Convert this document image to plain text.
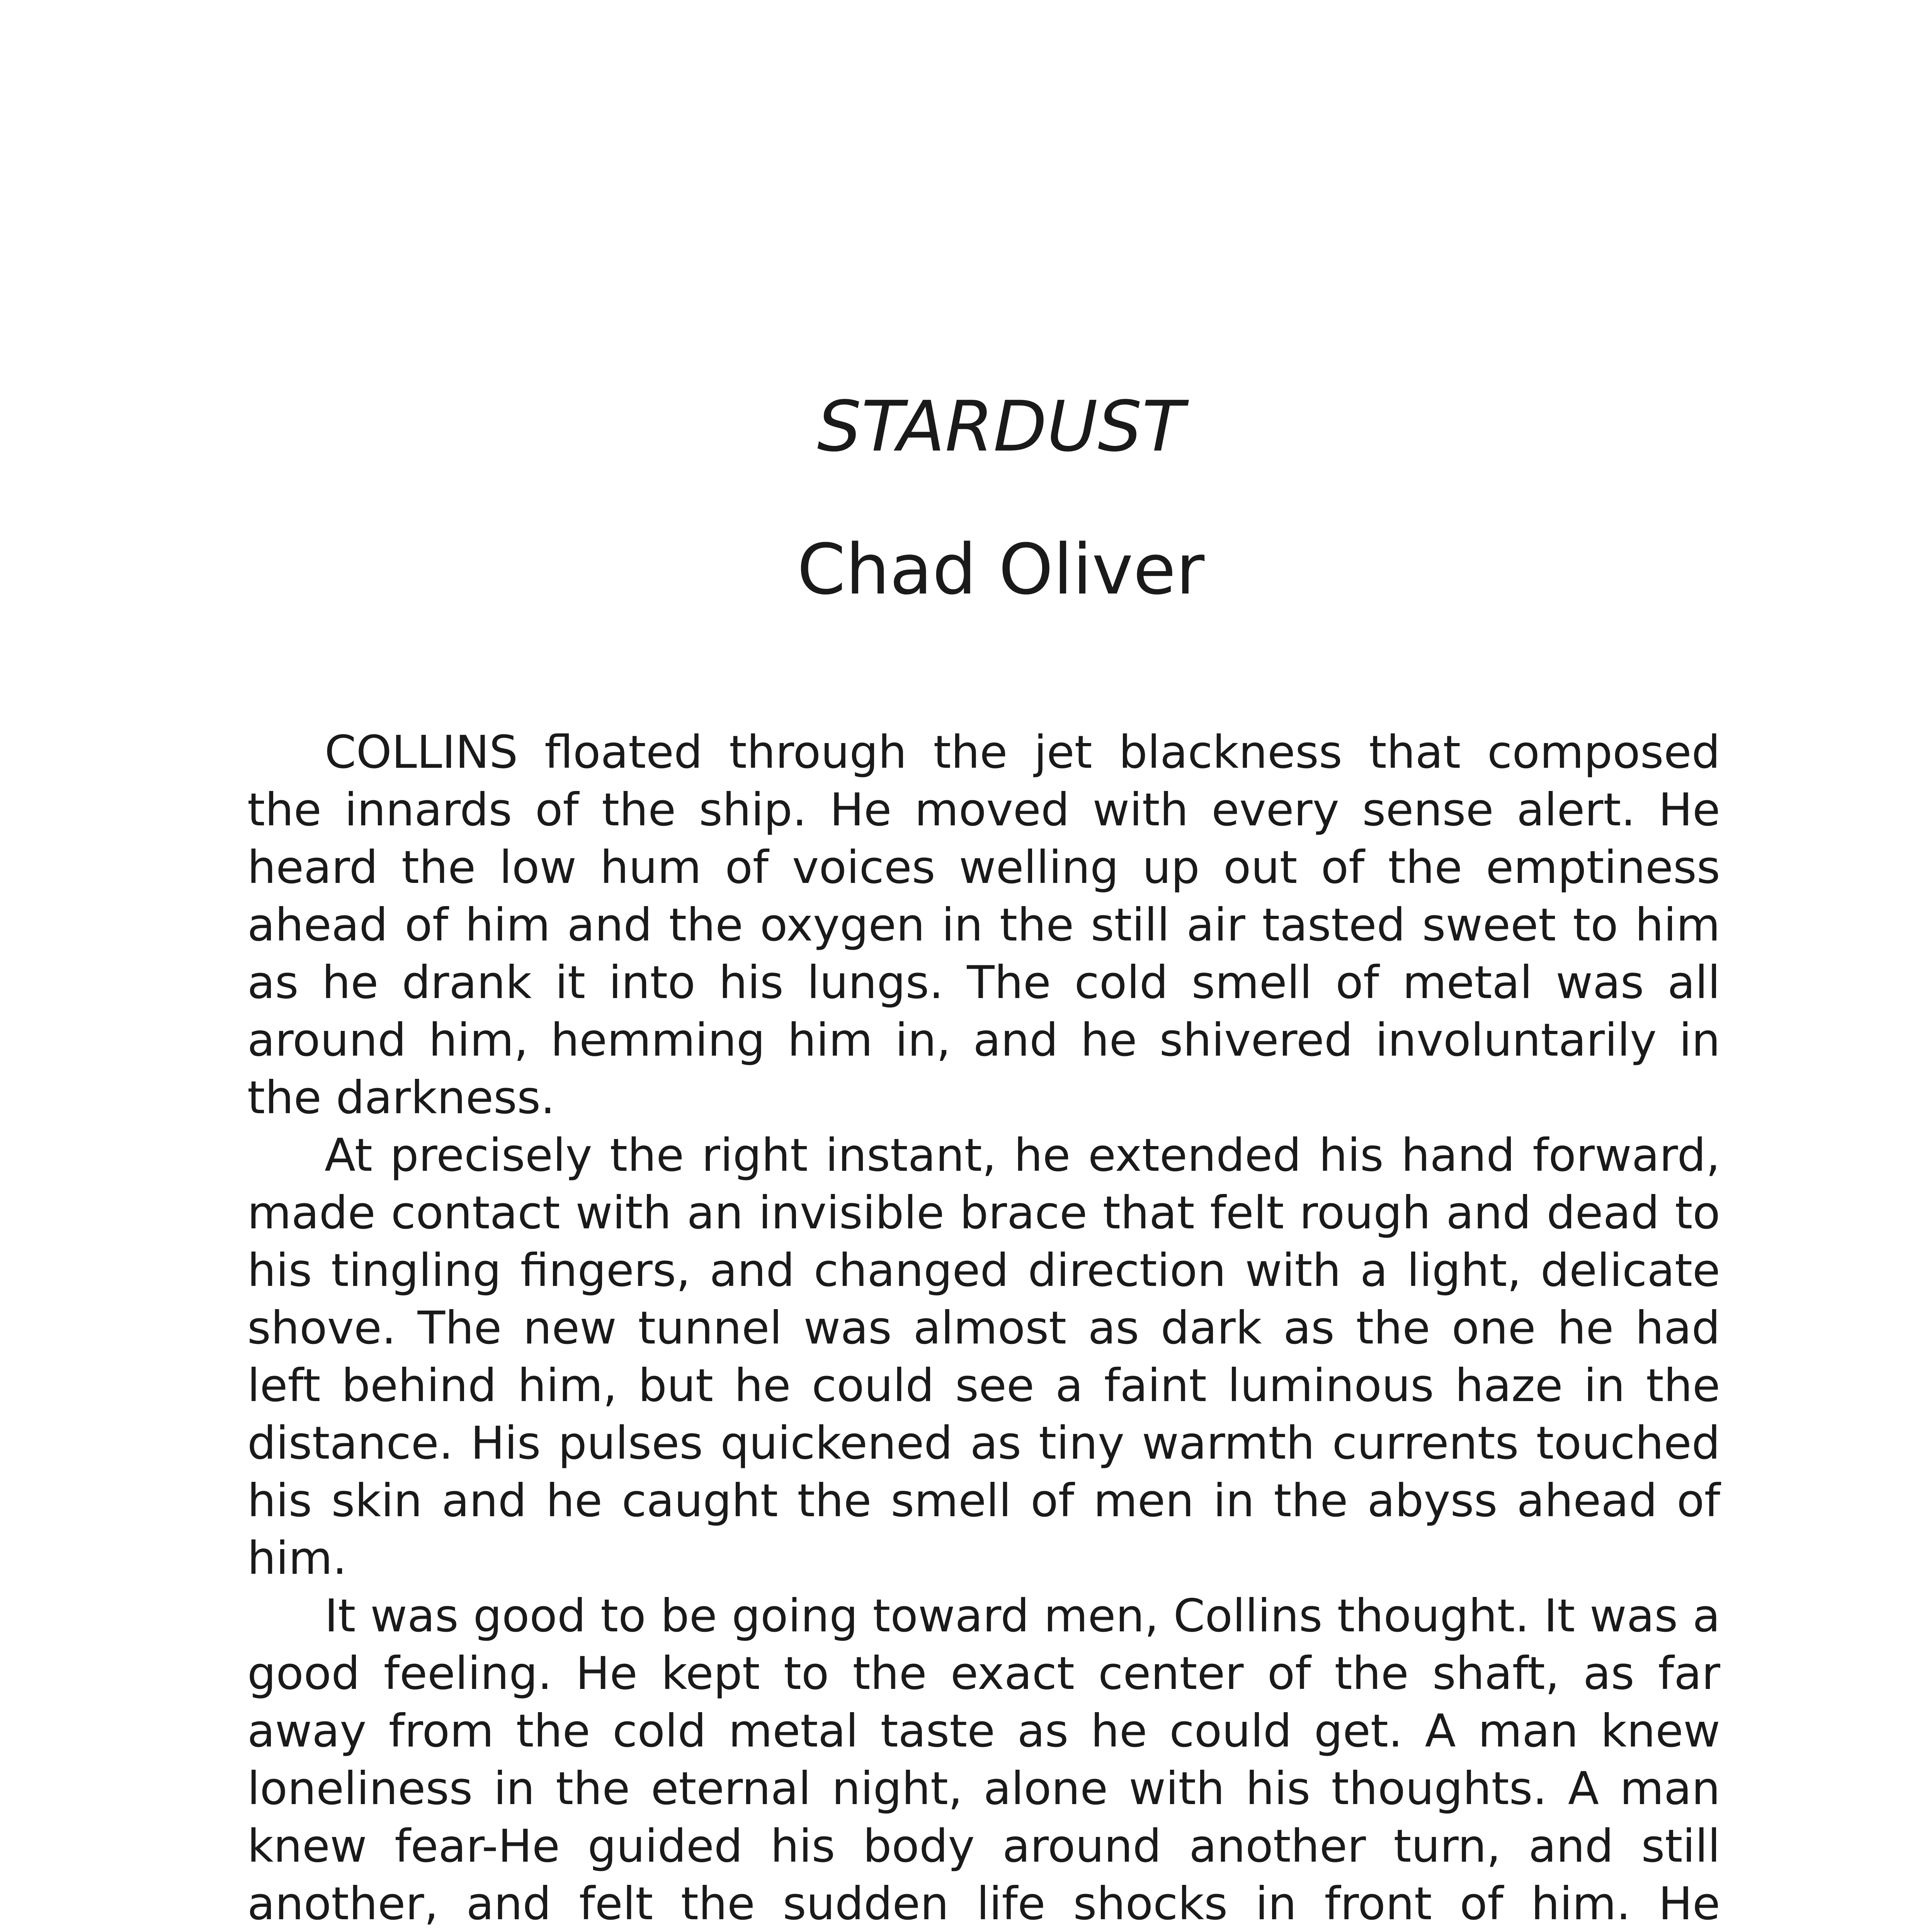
STARDUST
Chad Oliver

COLLINS floated through the jet blackness that composed the innards of the ship. He moved with every sense alert. He heard the low hum of voices welling up out of the emptiness ahead of him and the oxygen in the still air tasted sweet to him as he drank it into his lungs. The cold smell of metal was all around him, hemming him in, and he shivered involuntarily in the darkness.

At precisely the right instant, he extended his hand forward, made contact with an invisible brace that felt rough and dead to his tingling fingers, and changed direction with a light, delicate shove. The new tunnel was almost as dark as the one he had left behind him, but he could see a faint luminous haze in the distance. His pulses quickened as tiny warmth currents touched his skin and he caught the smell of men in the abyss ahead of him.

It was good to be going toward men, Collins thought. It was a good feeling. He kept to the exact center of the shaft, as far away from the cold metal taste as he could get. A man knew loneliness in the eternal night, alone with his thoughts. A man knew fear-He guided his body around another turn, and still another, and felt the sudden life shocks in front of him. He
